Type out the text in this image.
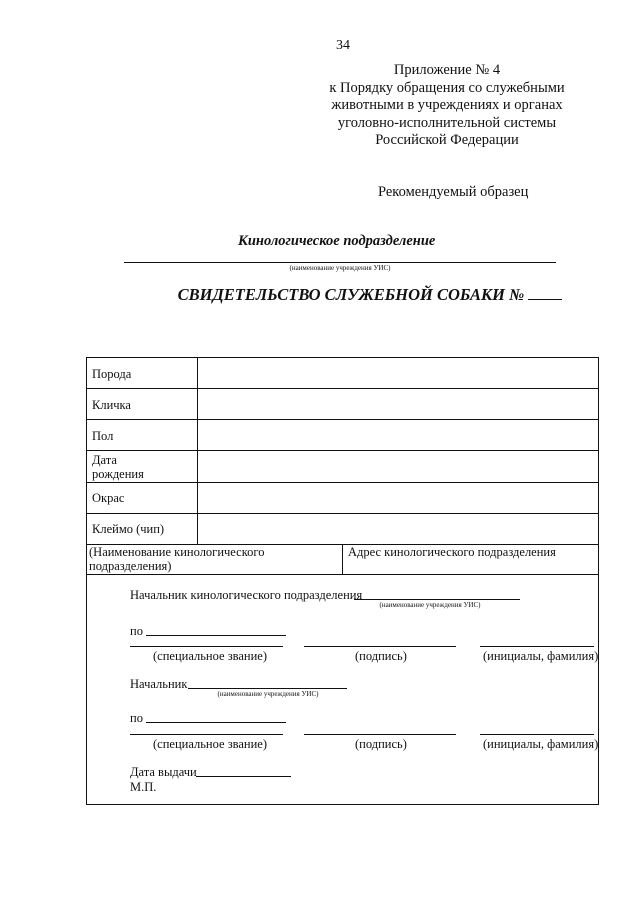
34
Приложение № 4
к Порядку обращения со служебными
животными в учреждениях и органах
уголовно-исполнительной системы
Российской Федерации
Рекомендуемый образец
Кинологическое подразделение
(наименование учреждения УИС)
СВИДЕТЕЛЬСТВО СЛУЖЕБНОЙ СОБАКИ №
Порода
Кличка
Пол
Дата
рождения
Окрас
Клеймо (чип)
(Наименование кинологического
подразделения)
Адрес кинологического подразделения
Начальник кинологического подразделения
(наименование учреждения УИС)
по
(специальное звание)	(подпись)	(инициалы, фамилия)
Начальник
(наименование учреждения УИС)
по
(специальное звание)	(подпись)	(инициалы, фамилия)
Дата выдачи
М.П.
